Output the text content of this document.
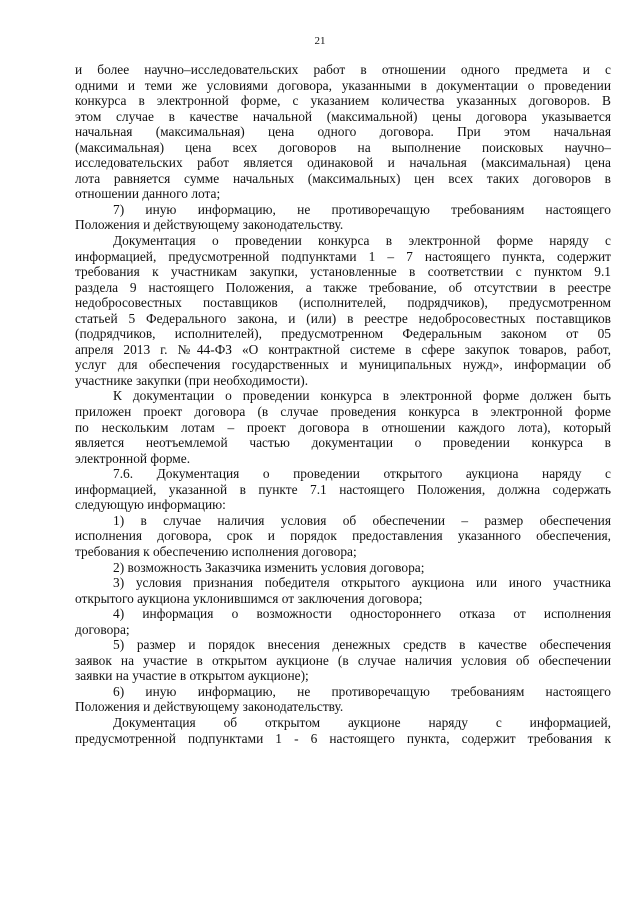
21
и более научно–исследовательских работ в отношении одного предмета и с
одними и теми же условиями договора, указанными в документации о проведении
конкурса в электронной форме, с указанием количества указанных договоров. В
этом случае в качестве начальной (максимальной) цены договора указывается
начальная (максимальная) цена одного договора. При этом начальная
(максимальная) цена всех договоров на выполнение поисковых научно–
исследовательских работ является одинаковой и начальная (максимальная) цена
лота равняется сумме начальных (максимальных) цен всех таких договоров в
отношении данного лота;
7) иную информацию, не противоречащую требованиям настоящего
Положения и действующему законодательству.
Документация о проведении конкурса в электронной форме наряду с
информацией, предусмотренной подпунктами 1 – 7 настоящего пункта, содержит
требования к участникам закупки, установленные в соответствии с пунктом 9.1
раздела 9 настоящего Положения, а также требование, об отсутствии в реестре
недобросовестных поставщиков (исполнителей, подрядчиков), предусмотренном
статьей 5 Федерального закона, и (или) в реестре недобросовестных поставщиков
(подрядчиков, исполнителей), предусмотренном Федеральным законом от 05
апреля 2013 г. №44-ФЗ «О контрактной системе в сфере закупок товаров, работ,
услуг для обеспечения государственных и муниципальных нужд», информации об
участнике закупки (при необходимости).
К документации о проведении конкурса в электронной форме должен быть
приложен проект договора (в случае проведения конкурса в электронной форме
по нескольким лотам – проект договора в отношении каждого лота), который
является неотъемлемой частью документации о проведении конкурса в
электронной форме.
7.6. Документация о проведении открытого аукциона наряду с
информацией, указанной в пункте 7.1 настоящего Положения, должна содержать
следующую информацию:
1) в случае наличия условия об обеспечении – размер обеспечения
исполнения договора, срок и порядок предоставления указанного обеспечения,
требования к обеспечению исполнения договора;
2) возможность Заказчика изменить условия договора;
3) условия признания победителя открытого аукциона или иного участника
открытого аукциона уклонившимся от заключения договора;
4) информация о возможности одностороннего отказа от исполнения
договора;
5) размер и порядок внесения денежных средств в качестве обеспечения
заявок на участие в открытом аукционе (в случае наличия условия об обеспечении
заявки на участие в открытом аукционе);
6) иную информацию, не противоречащую требованиям настоящего
Положения и действующему законодательству.
Документация об открытом аукционе наряду с информацией,
предусмотренной подпунктами 1 - 6 настоящего пункта, содержит требования к
